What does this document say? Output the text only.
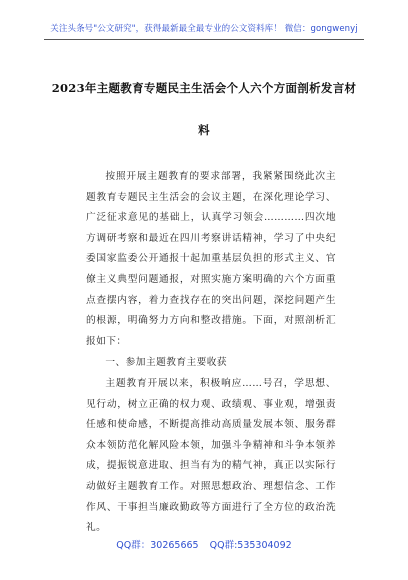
关注头条号"公文研究"，获得最新最全最专业的公文资料库！ 微信：gongwenyj
2023年主题教育专题民主生活会个人六个方面剖析发言材
料

按照开展主题教育的要求部署，我紧紧围绕此次主题教育专题民主生活会的会议主题，在深化理论学习、广泛征求意见的基础上，认真学习领会…………四次地方调研考察和最近在四川考察讲话精神，学习了中央纪委国家监委公开通报十起加重基层负担的形式主义、官僚主义典型问题通报，对照实施方案明确的六个方面重点查摆内容，着力查找存在的突出问题，深挖问题产生的根源，明确努力方向和整改措施。下面，对照剖析汇报如下：

一、参加主题教育主要收获

主题教育开展以来，积极响应……号召，学思想、见行动，树立正确的权力观、政绩观、事业观，增强责任感和使命感，不断提高推动高质量发展本领、服务群众本领防范化解风险本领，加强斗争精神和斗争本领养成，提振锐意进取、担当有为的精气神，真正以实际行动做好主题教育工作。对照思想政治、理想信念、工作作风、干事担当廉政勤政等方面进行了全方位的政治洗礼。

QQ群：30265665 QQ群:535304092
